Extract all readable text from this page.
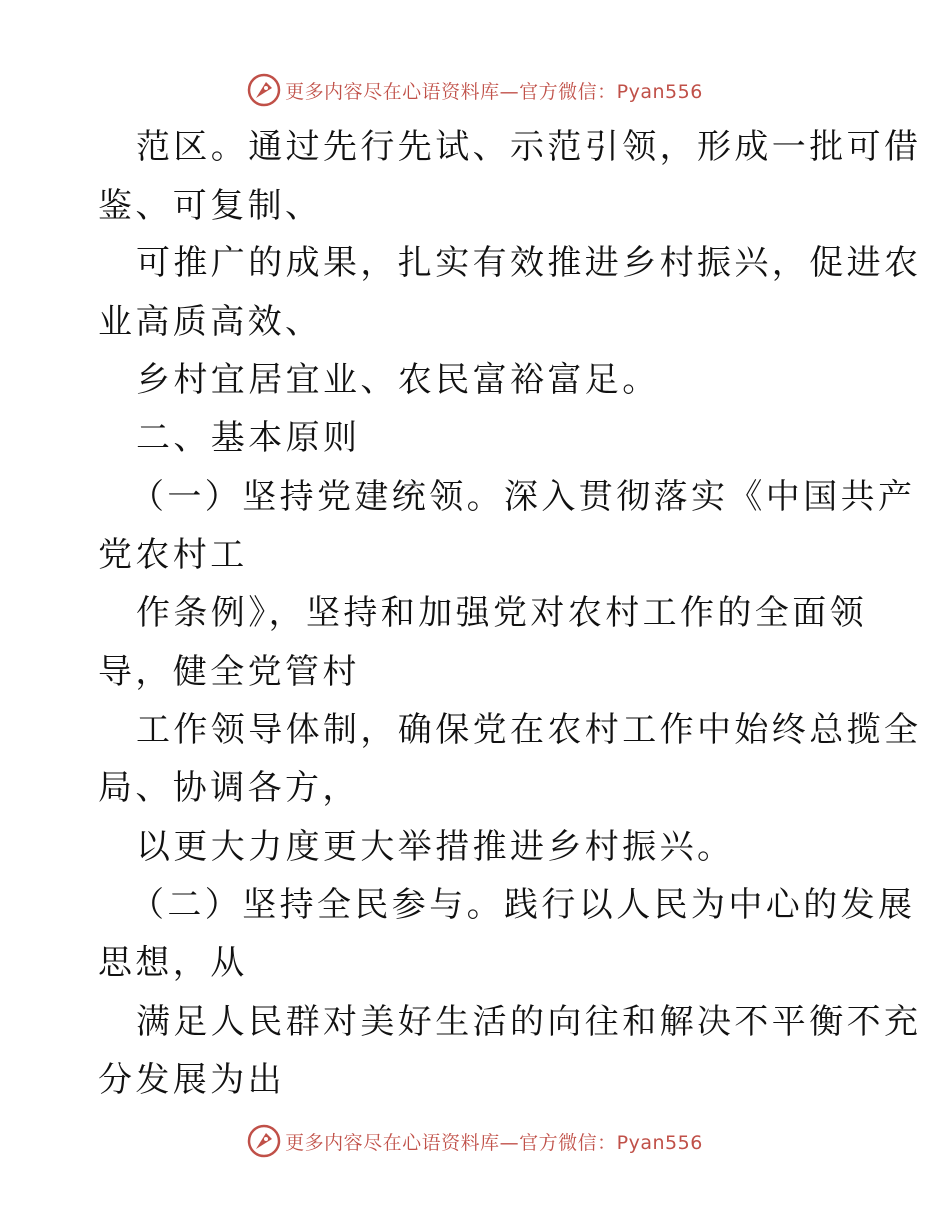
更多内容尽在心语资料库—官方微信：Pyan556
范区。通过先行先试、示范引领，形成一批可借
鉴、可复制、
可推广的成果，扎实有效推进乡村振兴，促进农
业高质高效、
乡村宜居宜业、农民富裕富足。
二、基本原则
（一）坚持党建统领。深入贯彻落实《中国共产
党农村工
作条例》，坚持和加强党对农村工作的全面领
导，健全党管村
工作领导体制，确保党在农村工作中始终总揽全
局、协调各方，
以更大力度更大举措推进乡村振兴。
（二）坚持全民参与。践行以人民为中心的发展
思想，从
满足人民群对美好生活的向往和解决不平衡不充
分发展为出
更多内容尽在心语资料库—官方微信：Pyan556
